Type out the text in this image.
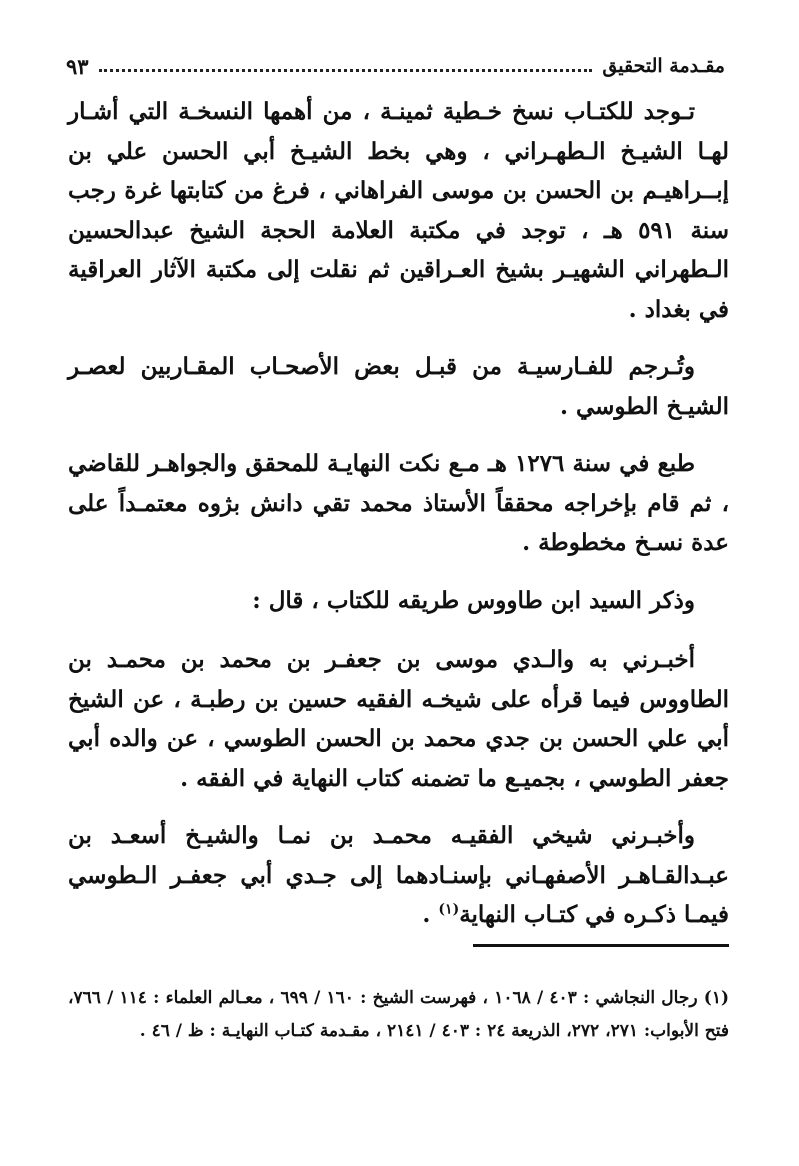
مقـدمة التحقيق
٩٣

تـوجد للكتـاب نسخ خـطية ثمينـة ، من أهمها النسخـة التي أشـار لهـا الشيـخ الـطهـراني ، وهي بخط الشيـخ أبي الحسن علي بن إبــراهيـم بن الحسن بن موسى الفراهاني ، فرغ من كتابتها غرة رجب سنة ٥٩١ هـ ، توجد في مكتبة العلامة الحجة الشيخ عبدالحسين الـطهراني الشهيـر بشيخ العـراقين ثم نقلت إلى مكتبة الآثار العراقية في بغداد .

وتُـرجم للفـارسيـة من قبـل بعض الأصحـاب المقـاربين لعصـر الشيـخ الطوسي .

طبع في سنة ١٢٧٦ هـ مـع نكت النهايـة للمحقق والجواهـر للقاضي ، ثم قام بإخراجه محققاً الأستاذ محمد تقي دانش بژوه معتمـداً على عدة نسـخ مخطوطة .

وذكر السيد ابن طاووس طريقه للكتاب ، قال :

أخبـرني به والـدي موسى بن جعفـر بن محمد بن محمـد بن الطاووس فيما قرأه على شيخـه الفقيه حسين بن رطبـة ، عن الشيخ أبي علي الحسن بن جدي محمد بن الحسن الطوسي ، عن والده أبي جعفر الطوسي ، بجميـع ما تضمنه كتاب النهاية في الفقه .

وأخبـرني شيخي الفقيـه محمـد بن نمـا والشيـخ أسعـد بن عبـدالقـاهـر الأصفهـاني بإسنـادهما إلى جـدي أبي جعفـر الـطوسي فيمـا ذكـره في كتـاب النهاية$^{(١)}$ .

(١) رجال النجاشي : ٤٠٣ / ١٠٦٨ ، فهرست الشيخ : ١٦٠ / ٦٩٩ ، معـالم العلماء : ١١٤ / ٧٦٦، فتح الأبواب: ٢٧١، ٢٧٢، الذريعة ٢٤ : ٤٠٣ / ٢١٤١ ، مقـدمة كتـاب النهايـة : ظ / ٤٦ .
